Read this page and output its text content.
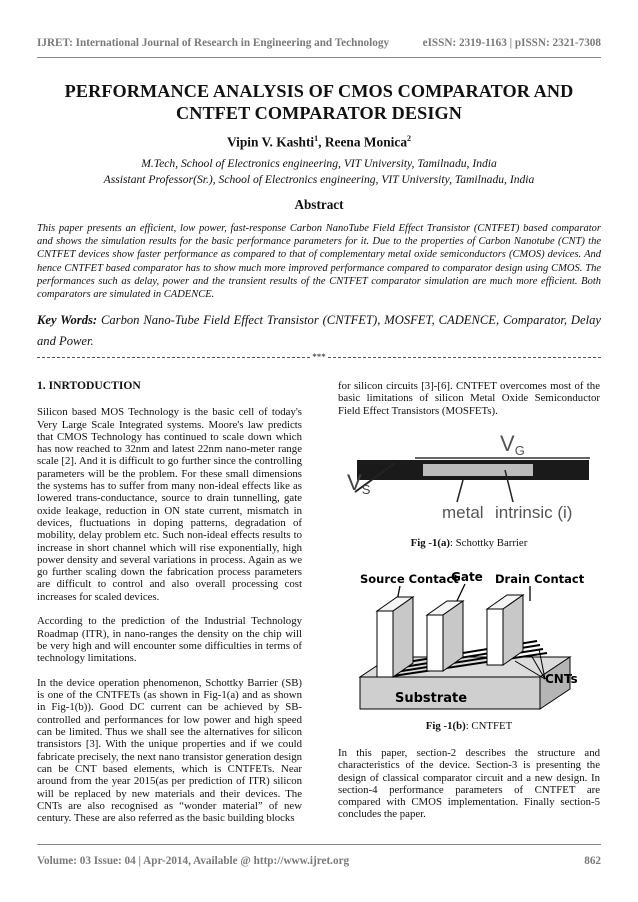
IJRET: International Journal of Research in Engineering and Technology	eISSN: 2319-1163 | pISSN: 2321-7308
PERFORMANCE ANALYSIS OF CMOS COMPARATOR AND CNTFET COMPARATOR DESIGN
Vipin V. Kashti$^1$, Reena Monica$^2$
M.Tech, School of Electronics engineering, VIT University, Tamilnadu, India
Assistant Professor(Sr.), School of Electronics engineering, VIT University, Tamilnadu, India
Abstract
This paper presents an efficient, low power, fast-response Carbon NanoTube Field Effect Transistor (CNTFET) based comparator and shows the simulation results for the basic performance parameters for it. Due to the properties of Carbon Nanotube (CNT) the CNTFET devices show faster performance as compared to that of complementary metal oxide semiconductors (CMOS) devices. And hence CNTFET based comparator has to show much more improved performance compared to comparator design using CMOS. The performances such as delay, power and the transient results of the CNTFET comparator simulation are much more efficient. Both comparators are simulated in CADENCE.
Key Words: Carbon Nano-Tube Field Effect Transistor (CNTFET), MOSFET, CADENCE, Comparator, Delay and Power.
***
1. INRTODUCTION

Silicon based MOS Technology is the basic cell of today's Very Large Scale Integrated systems. Moore's law predicts that CMOS Technology has continued to scale down which has now reached to 32nm and latest 22nm nano-meter range scale [2]. And it is difficult to go further since the controlling parameters will be the problem. For these small dimensions the systems has to suffer from many non-ideal effects like as lowered trans-conductance, source to drain tunnelling, gate oxide leakage, reduction in ON state current, mismatch in devices, fluctuations in doping patterns, degradation of mobility, delay problem etc. Such non-ideal effects results to increase in short channel which will rise exponentially, high power density and several variations in process. Again as we go further scaling down the fabrication process parameters are difficult to control and also overall processing cost increases for scaled devices.

According to the prediction of the Industrial Technology Roadmap (ITR), in nano-ranges the density on the chip will be very high and will encounter some difficulties in terms of technology limitations.

In the device operation phenomenon, Schottky Barrier (SB) is one of the CNTFETs (as shown in Fig-1(a) and as shown in Fig-1(b)). Good DC current can be achieved by SB-controlled and performances for low power and high speed can be limited. Thus we shall see the alternatives for silicon transistors [3]. With the unique properties and if we could fabricate precisely, the next nano transistor generation design can be CNT based elements, which is CNTFETs. Near around from the year 2015(as per prediction of ITR) silicon will be replaced by new materials and their devices. The CNTs are also recognised as “wonder material” of new century. These are also referred as the basic building blocks

for silicon circuits [3]-[6]. CNTFET overcomes most of the basic limitations of silicon Metal Oxide Semiconductor Field Effect Transistors (MOSFETs).

VG
VS
metal intrinsic (i)
Fig -1(a): Schottky Barrier
Source Contact
Gate Drain Contact
Substrate
CNTs
Fig -1(b): CNTFET

In this paper, section-2 describes the structure and characteristics of the device. Section-3 is presenting the design of classical comparator circuit and a new design. In section-4 performance parameters of CNTFET are compared with CMOS implementation. Finally section-5 concludes the paper.

Volume: 03 Issue: 04 | Apr-2014, Available @ http://www.ijret.org	862
